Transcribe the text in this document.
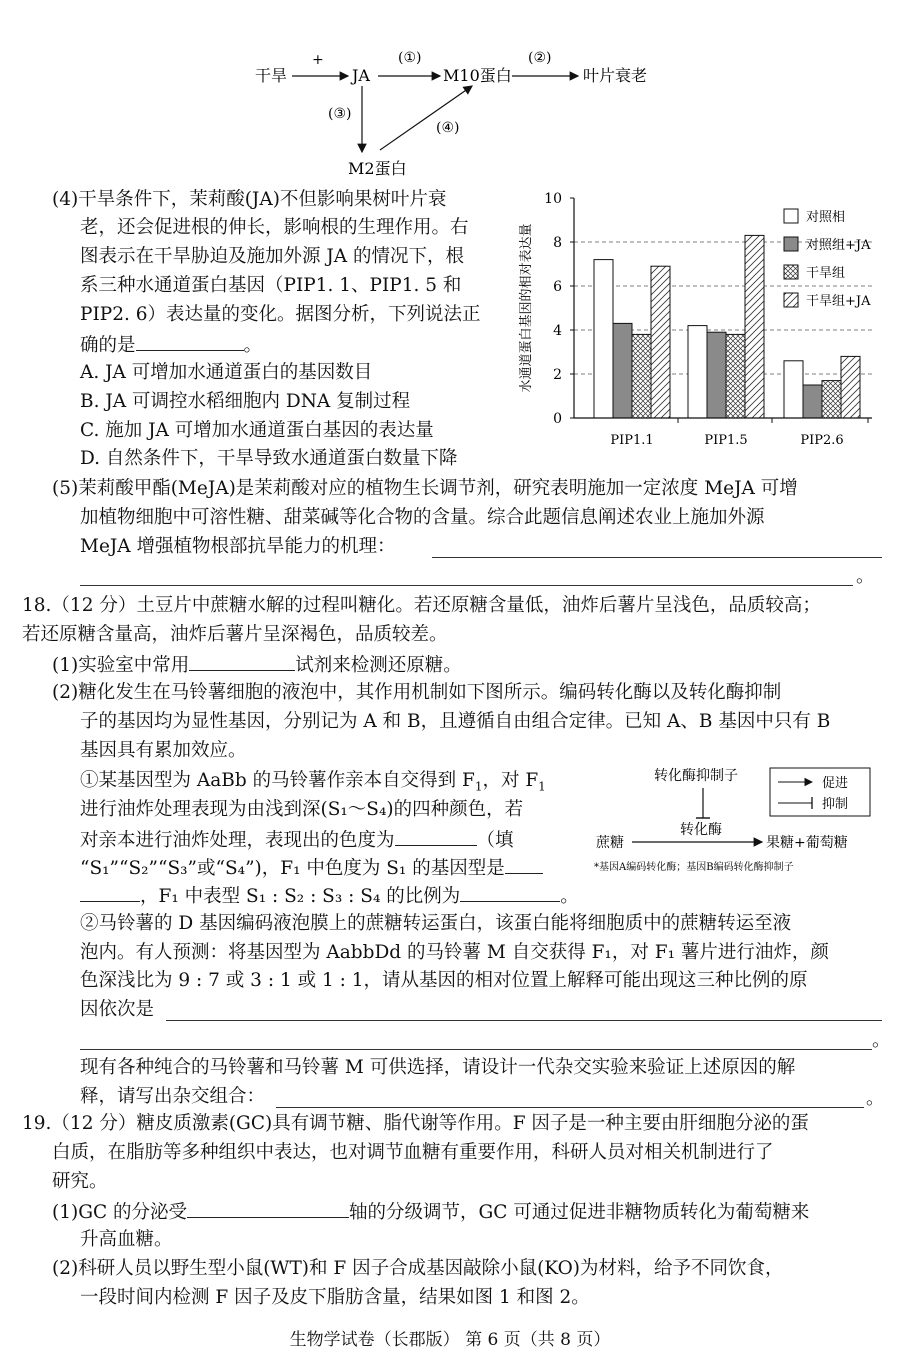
干旱
+
JA
(①)
M10蛋白
(②)
叶片衰老
(③)
(④)
M2蛋白
(4)干旱条件下，茉莉酸(JA)不但影响果树叶片衰
老，还会促进根的伸长，影响根的生理作用。右
图表示在干旱胁迫及施加外源 JA 的情况下，根
系三种水通道蛋白基因（PIP1. 1、PIP1. 5 和
PIP2. 6）表达量的变化。据图分析，下列说法正
确的是	。
A. JA 可增加水通道蛋白的基因数目
B. JA 可调控水稻细胞内 DNA 复制过程
C. 施加 JA 可增加水通道蛋白基因的表达量
D. 自然条件下，干旱导致水通道蛋白数量下降
水通道蛋白基因的相对表达量
0
2
4
6
8
10
PIP1.1	PIP1.5	PIP2.6
对照相
对照组+JA
干旱组
干旱组+JA
(5)茉莉酸甲酯(MeJA)是茉莉酸对应的植物生长调节剂，研究表明施加一定浓度 MeJA 可增
加植物细胞中可溶性糖、甜菜碱等化合物的含量。综合此题信息阐述农业上施加外源
MeJA 增强植物根部抗旱能力的机理：
。
18.（12 分）土豆片中蔗糖水解的过程叫糖化。若还原糖含量低，油炸后薯片呈浅色，品质较高；
若还原糖含量高，油炸后薯片呈深褐色，品质较差。
(1)实验室中常用	试剂来检测还原糖。
(2)糖化发生在马铃薯细胞的液泡中，其作用机制如下图所示。编码转化酶以及转化酶抑制
子的基因均为显性基因，分别记为 A 和 B，且遵循自由组合定律。已知 A、B 基因中只有 B
基因具有累加效应。
①某基因型为 AaBb 的马铃薯作亲本自交得到 $F_1$，对 $F_1$
进行油炸处理表现为由浅到深(S₁～S₄)的四种颜色，若
对亲本进行油炸处理，表现出的色度为	（填
“S₁”“S₂”“S₃”或“S₄”)，F₁ 中色度为 S₁ 的基因型是
，F₁ 中表型 S₁ : S₂ : S₃ : S₄ 的比例为	。
转化酶抑制子
转化酶
蔗糖	果糖+葡萄糖
促进
抑制
*基因A编码转化酶；基因B编码转化酶抑制子
②马铃薯的 D 基因编码液泡膜上的蔗糖转运蛋白，该蛋白能将细胞质中的蔗糖转运至液
泡内。有人预测：将基因型为 AabbDd 的马铃薯 M 自交获得 F₁，对 F₁ 薯片进行油炸，颜
色深浅比为 9 : 7 或 3 : 1 或 1 : 1，请从基因的相对位置上解释可能出现这三种比例的原
因依次是
。
现有各种纯合的马铃薯和马铃薯 M 可供选择，请设计一代杂交实验来验证上述原因的解
释，请写出杂交组合：	。
19.（12 分）糖皮质激素(GC)具有调节糖、脂代谢等作用。F 因子是一种主要由肝细胞分泌的蛋
白质，在脂肪等多种组织中表达，也对调节血糖有重要作用，科研人员对相关机制进行了
研究。
(1)GC 的分泌受	轴的分级调节，GC 可通过促进非糖物质转化为葡萄糖来
升高血糖。
(2)科研人员以野生型小鼠(WT)和 F 因子合成基因敲除小鼠(KO)为材料，给予不同饮食，
一段时间内检测 F 因子及皮下脂肪含量，结果如图 1 和图 2。
生物学试卷（长郡版） 第 6 页（共 8 页）
